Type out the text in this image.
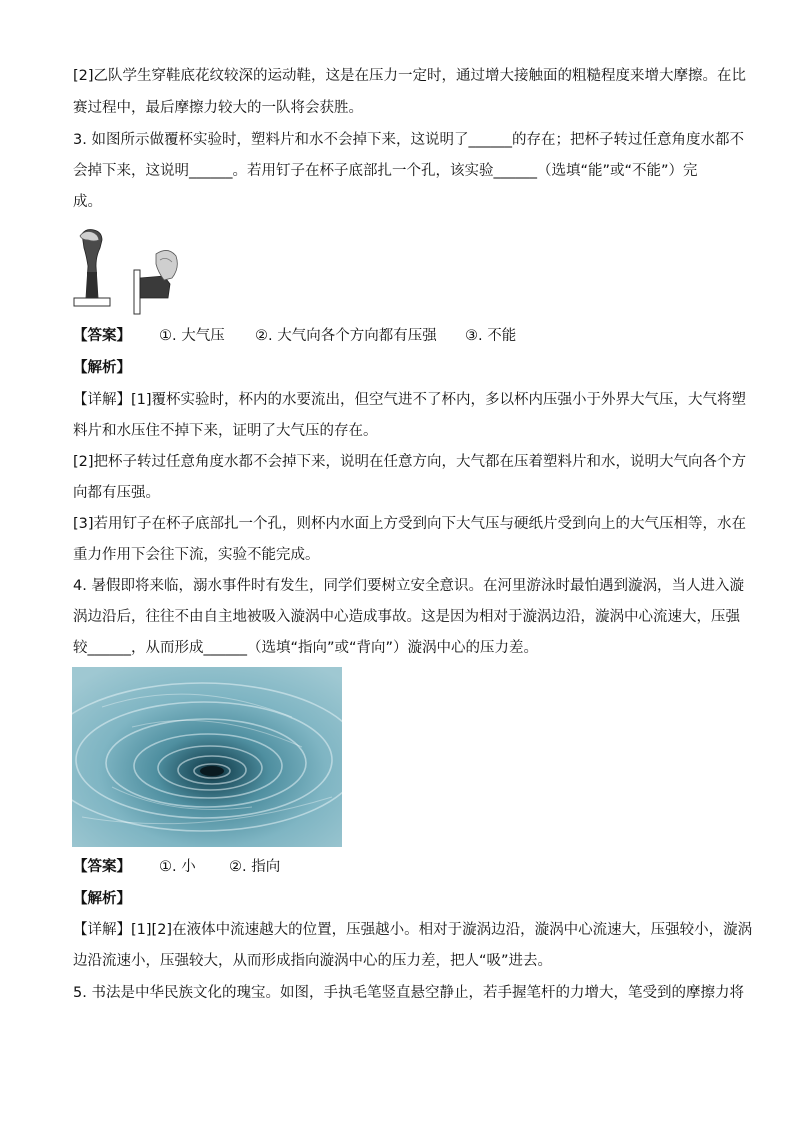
[2]乙队学生穿鞋底花纹较深的运动鞋，这是在压力一定时，通过增大接触面的粗糙程度来增大摩擦。在比
赛过程中，最后摩擦力较大的一队将会获胜。
3. 如图所示做覆杯实验时，塑料片和水不会掉下来，这说明了______的存在；把杯子转过任意角度水都不
会掉下来，这说明______。若用钉子在杯子底部扎一个孔，该实验______（选填“能”或“不能”）完
成。
【答案】 ①. 大气压 ②. 大气向各个方向都有压强 ③. 不能
【解析】
【详解】[1]覆杯实验时，杯内的水要流出，但空气进不了杯内，多以杯内压强小于外界大气压，大气将塑
料片和水压住不掉下来，证明了大气压的存在。
[2]把杯子转过任意角度水都不会掉下来，说明在任意方向，大气都在压着塑料片和水，说明大气向各个方
向都有压强。
[3]若用钉子在杯子底部扎一个孔，则杯内水面上方受到向下大气压与硬纸片受到向上的大气压相等，水在
重力作用下会往下流，实验不能完成。
4. 暑假即将来临，溺水事件时有发生，同学们要树立安全意识。在河里游泳时最怕遇到漩涡，当人进入漩
涡边沿后，往往不由自主地被吸入漩涡中心造成事故。这是因为相对于漩涡边沿，漩涡中心流速大，压强
较______，从而形成______（选填“指向”或“背向”）漩涡中心的压力差。
【答案】 ①. 小 ②. 指向
【解析】
【详解】[1][2]在液体中流速越大的位置，压强越小。相对于漩涡边沿，漩涡中心流速大，压强较小，漩涡
边沿流速小，压强较大，从而形成指向漩涡中心的压力差，把人“吸”进去。
5. 书法是中华民族文化的瑰宝。如图，手执毛笔竖直悬空静止，若手握笔杆的力增大，笔受到的摩擦力将
